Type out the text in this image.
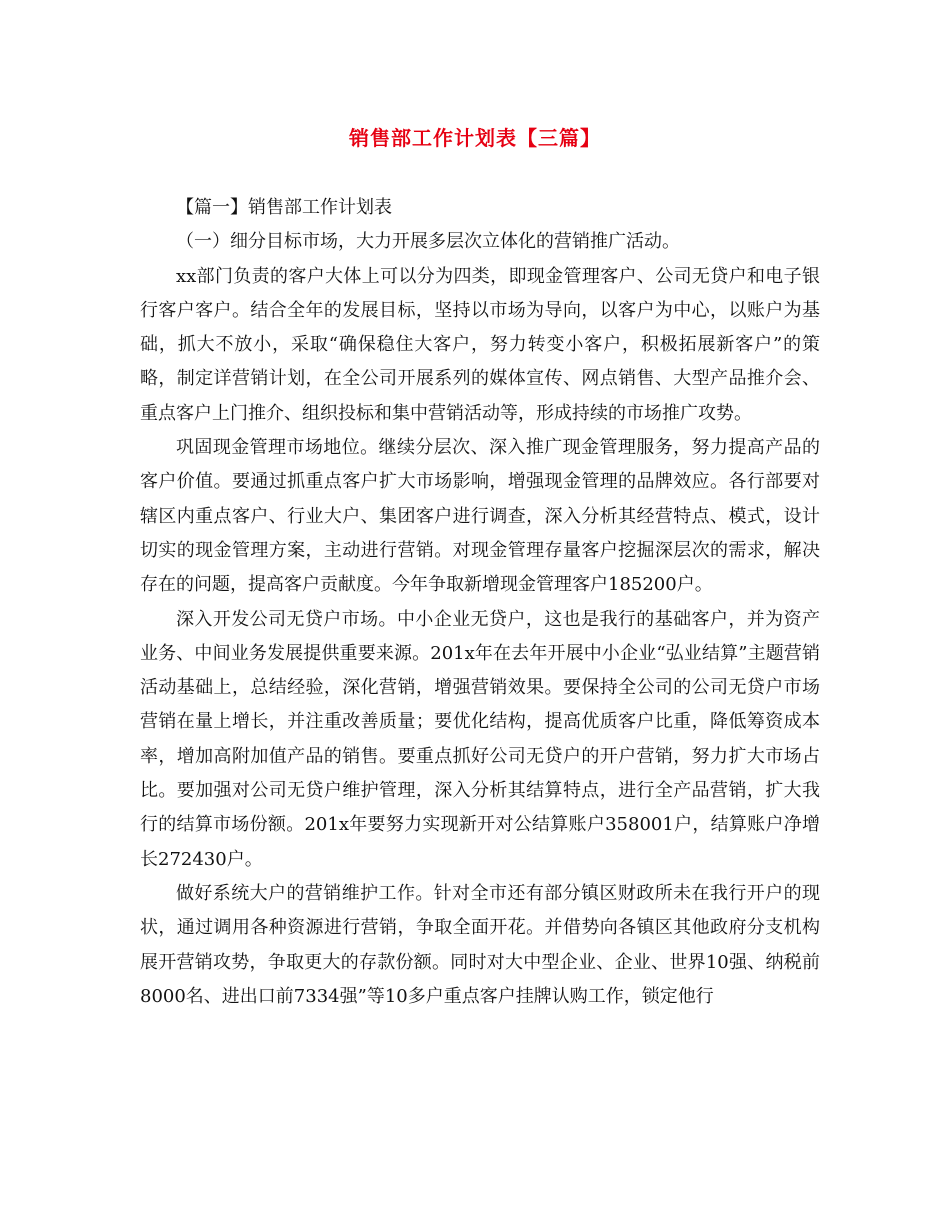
销售部工作计划表【三篇】

【篇一】销售部工作计划表

（一）细分目标市场，大力开展多层次立体化的营销推广活动。

xx部门负责的客户大体上可以分为四类，即现金管理客户、公司无贷户和电子银行客户客户。结合全年的发展目标，坚持以市场为导向，以客户为中心，以账户为基础，抓大不放小，采取“确保稳住大客户，努力转变小客户，积极拓展新客户”的策略，制定详营销计划，在全公司开展系列的媒体宣传、网点销售、大型产品推介会、重点客户上门推介、组织投标和集中营销活动等，形成持续的市场推广攻势。

巩固现金管理市场地位。继续分层次、深入推广现金管理服务，努力提高产品的客户价值。要通过抓重点客户扩大市场影响，增强现金管理的品牌效应。各行部要对辖区内重点客户、行业大户、集团客户进行调查，深入分析其经营特点、模式，设计切实的现金管理方案，主动进行营销。对现金管理存量客户挖掘深层次的需求，解决存在的问题，提高客户贡献度。今年争取新增现金管理客户185200户。

深入开发公司无贷户市场。中小企业无贷户，这也是我行的基础客户，并为资产业务、中间业务发展提供重要来源。201x年在去年开展中小企业“弘业结算”主题营销活动基础上，总结经验，深化营销，增强营销效果。要保持全公司的公司无贷户市场营销在量上增长，并注重改善质量；要优化结构，提高优质客户比重，降低筹资成本率，增加高附加值产品的销售。要重点抓好公司无贷户的开户营销，努力扩大市场占比。要加强对公司无贷户维护管理，深入分析其结算特点，进行全产品营销，扩大我行的结算市场份额。201x年要努力实现新开对公结算账户358001户，结算账户净增长272430户。

做好系统大户的营销维护工作。针对全市还有部分镇区财政所未在我行开户的现状，通过调用各种资源进行营销，争取全面开花。并借势向各镇区其他政府分支机构展开营销攻势，争取更大的存款份额。同时对大中型企业、企业、世界10强、纳税前8000名、进出口前7334强”等10多户重点客户挂牌认购工作，锁定他行
